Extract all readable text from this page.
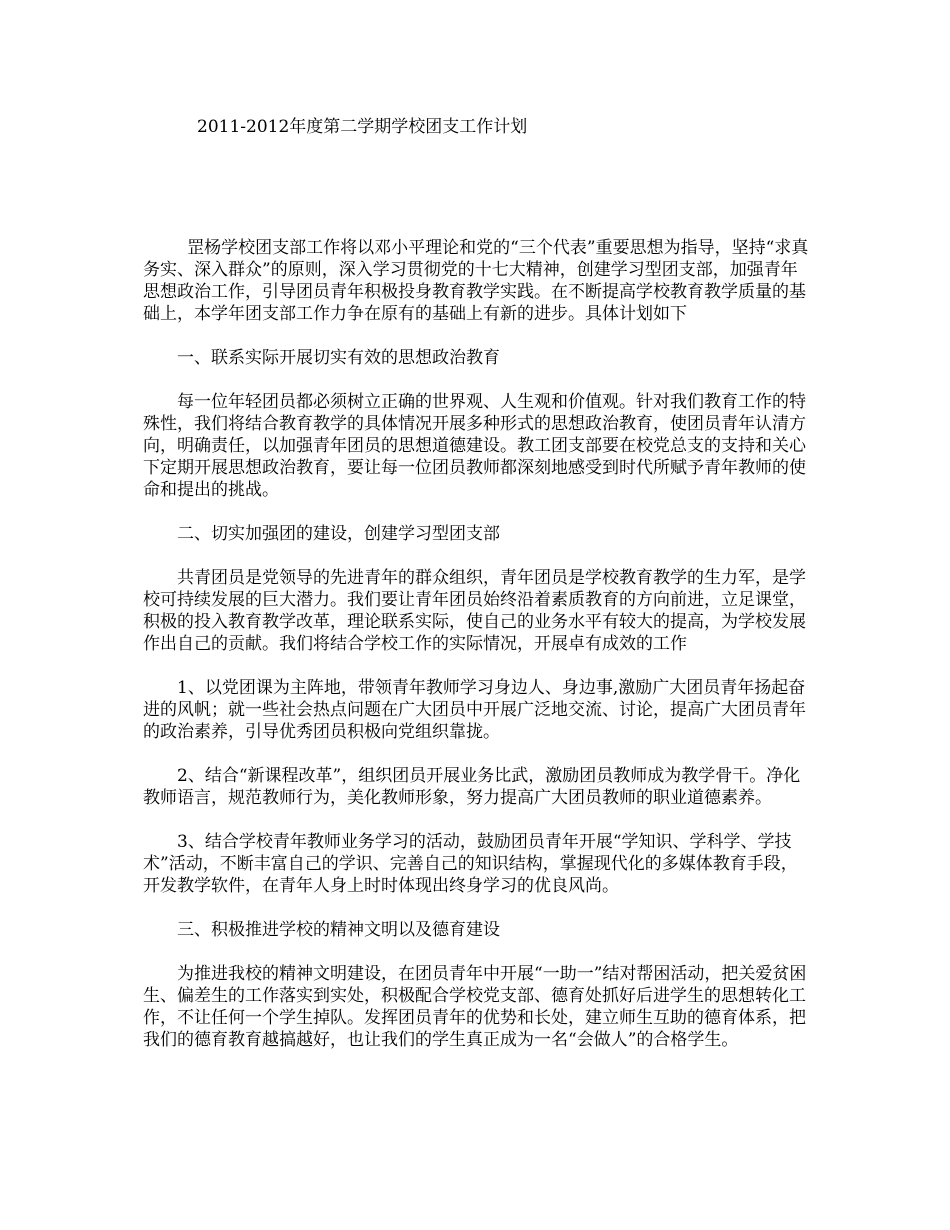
2011-2012年度第二学期学校团支工作计划

罡杨学校团支部工作将以邓小平理论和党的“三个代表”重要思想为指导，坚持“求真务实、深入群众”的原则，深入学习贯彻党的十七大精神，创建学习型团支部，加强青年思想政治工作，引导团员青年积极投身教育教学实践。在不断提高学校教育教学质量的基础上，本学年团支部工作力争在原有的基础上有新的进步。具体计划如下

一、联系实际开展切实有效的思想政治教育

每一位年轻团员都必须树立正确的世界观、人生观和价值观。针对我们教育工作的特殊性，我们将结合教育教学的具体情况开展多种形式的思想政治教育，使团员青年认清方向，明确责任，以加强青年团员的思想道德建设。教工团支部要在校党总支的支持和关心下定期开展思想政治教育，要让每一位团员教师都深刻地感受到时代所赋予青年教师的使命和提出的挑战。

二、切实加强团的建设，创建学习型团支部

共青团员是党领导的先进青年的群众组织，青年团员是学校教育教学的生力军，是学校可持续发展的巨大潜力。我们要让青年团员始终沿着素质教育的方向前进，立足课堂，积极的投入教育教学改革，理论联系实际，使自己的业务水平有较大的提高，为学校发展作出自己的贡献。我们将结合学校工作的实际情况，开展卓有成效的工作

1、以党团课为主阵地，带领青年教师学习身边人、身边事,激励广大团员青年扬起奋进的风帆；就一些社会热点问题在广大团员中开展广泛地交流、讨论，提高广大团员青年的政治素养，引导优秀团员积极向党组织靠拢。

2、结合“新课程改革”，组织团员开展业务比武，激励团员教师成为教学骨干。净化教师语言，规范教师行为，美化教师形象，努力提高广大团员教师的职业道德素养。

3、结合学校青年教师业务学习的活动，鼓励团员青年开展“学知识、学科学、学技术”活动，不断丰富自己的学识、完善自己的知识结构，掌握现代化的多媒体教育手段，开发教学软件，在青年人身上时时体现出终身学习的优良风尚。

三、积极推进学校的精神文明以及德育建设

为推进我校的精神文明建设，在团员青年中开展“一助一”结对帮困活动，把关爱贫困生、偏差生的工作落实到实处，积极配合学校党支部、德育处抓好后进学生的思想转化工作，不让任何一个学生掉队。发挥团员青年的优势和长处，建立师生互助的德育体系，把我们的德育教育越搞越好，也让我们的学生真正成为一名“会做人”的合格学生。
